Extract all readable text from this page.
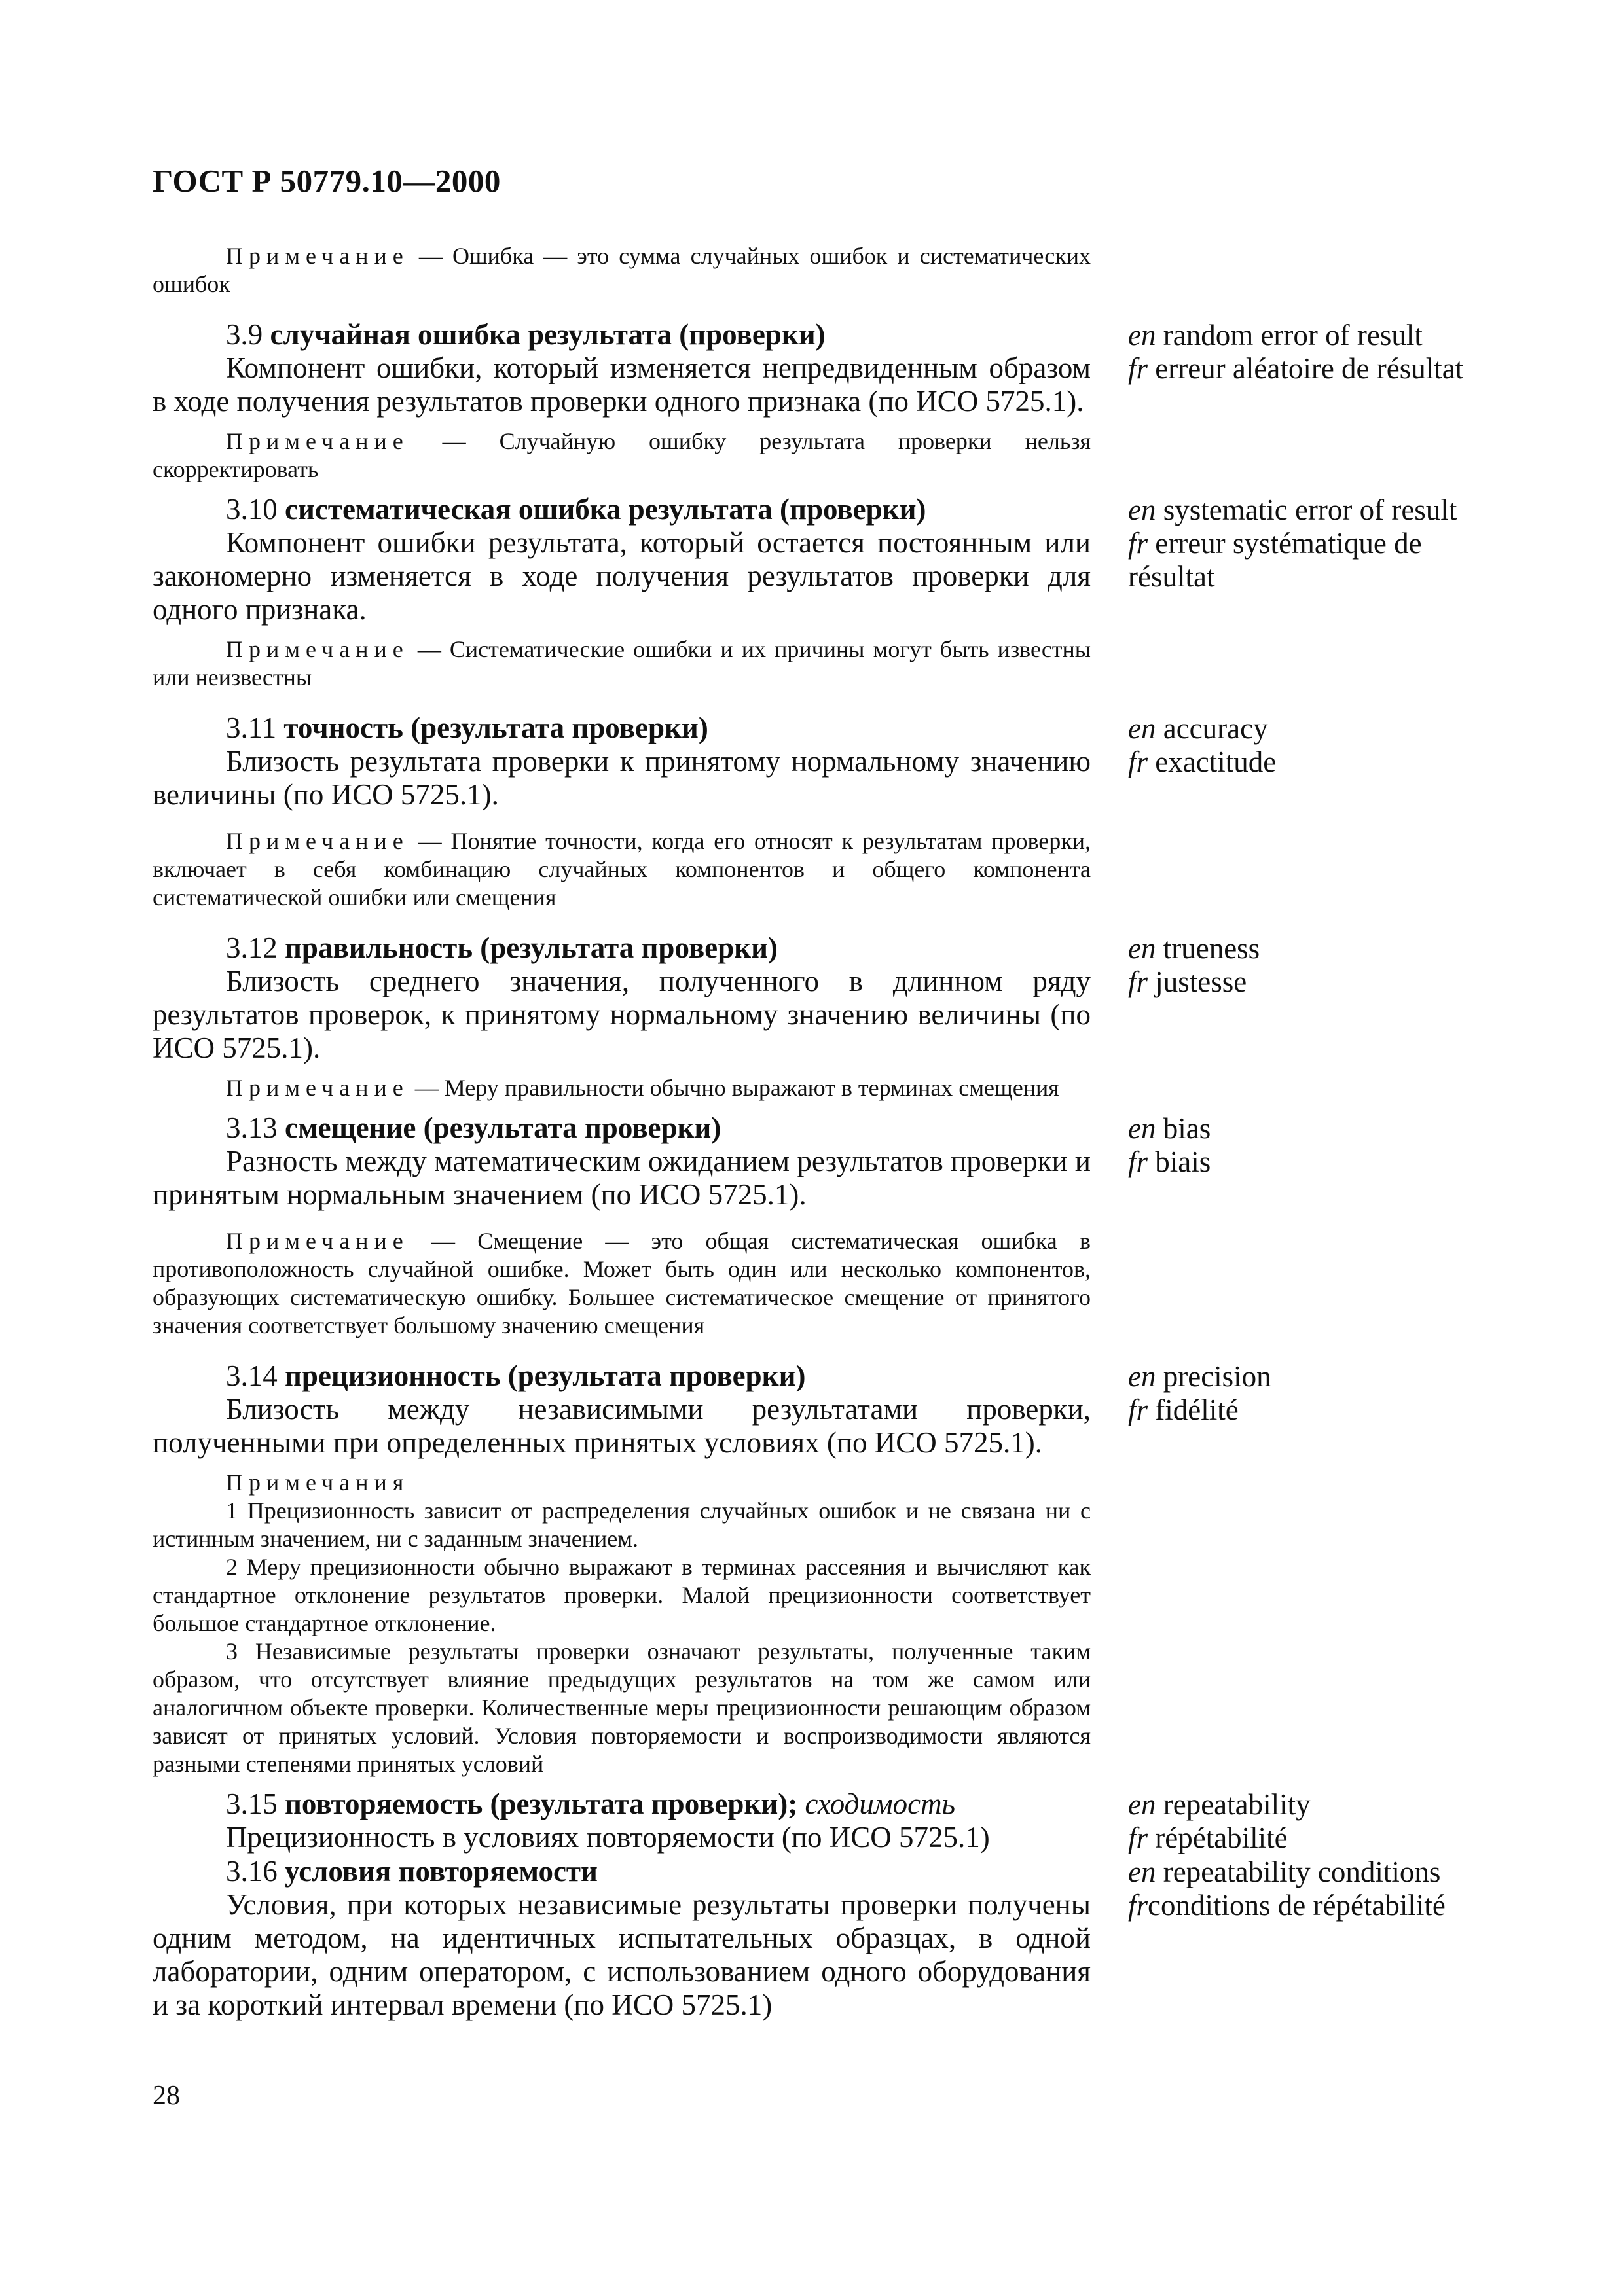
ГОСТ Р 50779.10—2000
Примечание — Ошибка — это сумма случайных ошибок и систематических ошибок
3.9 случайная ошибка результата (проверки)
Компонент ошибки, который изменяется непредвиденным образом в ходе получения результатов проверки одного признака (по ИСО 5725.1).
Примечание — Случайную ошибку результата проверки нельзя скорректировать
en random error of result
fr erreur aléatoire de résultat
3.10 систематическая ошибка результата (проверки)
Компонент ошибки результата, который остается постоянным или закономерно изменяется в ходе получения результатов проверки для одного признака.
Примечание — Систематические ошибки и их причины могут быть известны или неизвестны
en systematic error of result
fr erreur systématique de résultat
3.11 точность (результата проверки)
Близость результата проверки к принятому нормальному значению величины (по ИСО 5725.1).
Примечание — Понятие точности, когда его относят к результатам проверки, включает в себя комбинацию случайных компонентов и общего компонента систематической ошибки или смещения
en accuracy
fr exactitude
3.12 правильность (результата проверки)
Близость среднего значения, полученного в длинном ряду результатов проверок, к принятому нормальному значению величины (по ИСО 5725.1).
Примечание — Меру правильности обычно выражают в терминах смещения
en trueness
fr justesse
3.13 смещение (результата проверки)
Разность между математическим ожиданием результатов проверки и принятым нормальным значением (по ИСО 5725.1).
Примечание — Смещение — это общая систематическая ошибка в противоположность случайной ошибке. Может быть один или несколько компонентов, образующих систематическую ошибку. Большее систематическое смещение от принятого значения соответствует большому значению смещения
en bias
fr biais
3.14 прецизионность (результата проверки)
Близость между независимыми результатами проверки, полученными при определенных принятых условиях (по ИСО 5725.1).
Примечания
1 Прецизионность зависит от распределения случайных ошибок и не связана ни с истинным значением, ни с заданным значением.
2 Меру прецизионности обычно выражают в терминах рассеяния и вычисляют как стандартное отклонение результатов проверки. Малой прецизионности соответствует большое стандартное отклонение.
3 Независимые результаты проверки означают результаты, полученные таким образом, что отсутствует влияние предыдущих результатов на том же самом или аналогичном объекте проверки. Количественные меры прецизионности решающим образом зависят от принятых условий. Условия повторяемости и воспроизводимости являются разными степенями принятых условий
en precision
fr fidélité
3.15 повторяемость (результата проверки); сходимость
Прецизионность в условиях повторяемости (по ИСО 5725.1)
en repeatability
fr répétabilité
3.16 условия повторяемости
Условия, при которых независимые результаты проверки получены одним методом, на идентичных испытательных образцах, в одной лаборатории, одним оператором, с использованием одного оборудования и за короткий интервал времени (по ИСО 5725.1)
en repeatability conditions
frconditions de répétabilité
28
